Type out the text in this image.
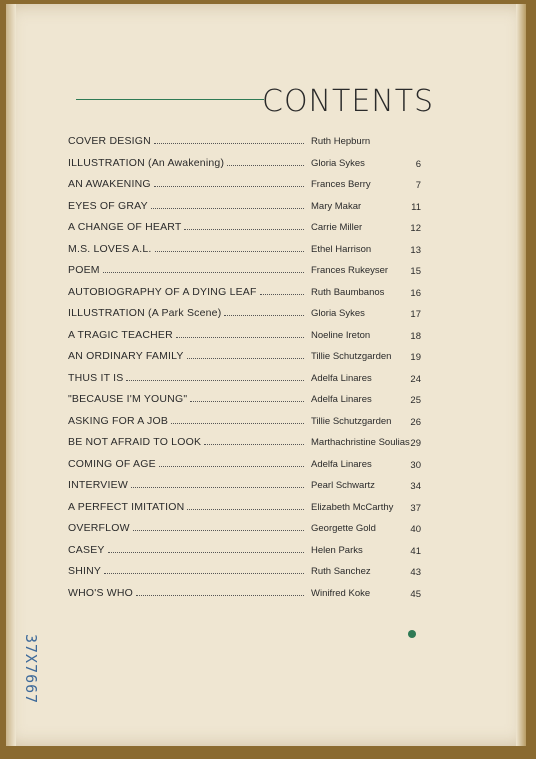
CONTENTS
COVER DESIGN	Ruth Hepburn
ILLUSTRATION (An Awakening)	Gloria Sykes	6
AN AWAKENING	Frances Berry	7
EYES OF GRAY	Mary Makar	11
A CHANGE OF HEART	Carrie Miller	12
M.S. LOVES A.L.	Ethel Harrison	13
POEM	Frances Rukeyser	15
AUTOBIOGRAPHY OF A DYING LEAF	Ruth Baumbanos	16
ILLUSTRATION (A Park Scene)	Gloria Sykes	17
A TRAGIC TEACHER	Noeline Ireton	18
AN ORDINARY FAMILY	Tillie Schutzgarden	19
THUS IT IS	Adelfa Linares	24
"BECAUSE I'M YOUNG"	Adelfa Linares	25
ASKING FOR A JOB	Tillie Schutzgarden	26
BE NOT AFRAID TO LOOK	Marthachristine Soulias 29
COMING OF AGE	Adelfa Linares	30
INTERVIEW	Pearl Schwartz	34
A PERFECT IMITATION	Elizabeth McCarthy	37
OVERFLOW	Georgette Gold	40
CASEY	Helen Parks	41
SHINY	Ruth Sanchez	43
WHO'S WHO	Winifred Koke	45
37X7667
